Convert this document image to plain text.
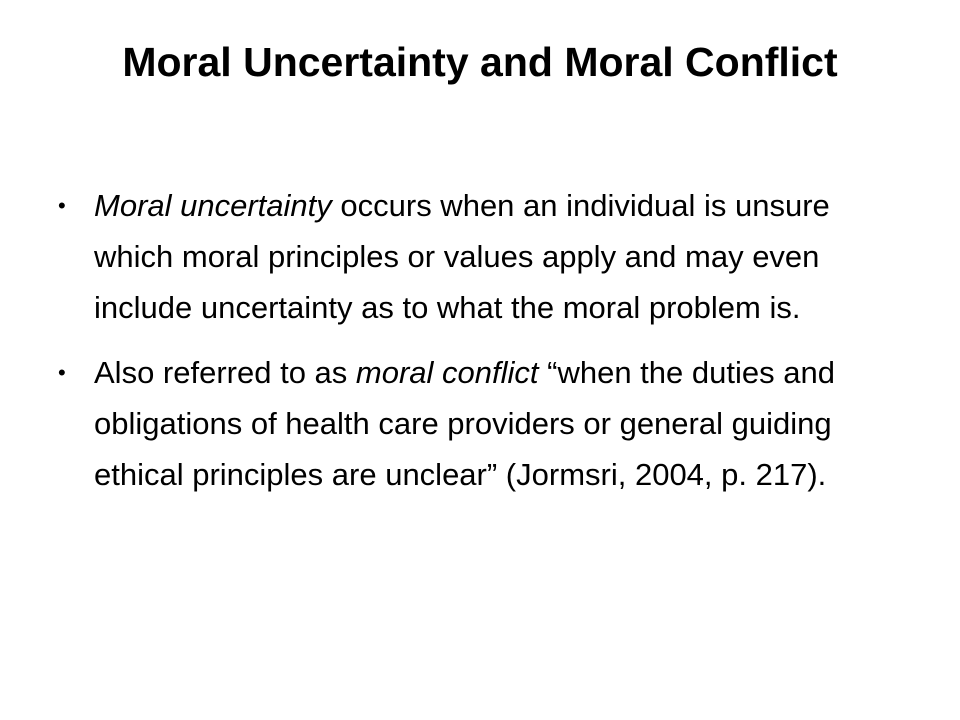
Moral Uncertainty and Moral Conflict
• Moral uncertainty occurs when an individual is unsure which moral principles or values apply and may even include uncertainty as to what the moral problem is.
• Also referred to as moral conflict “when the duties and obligations of health care providers or general guiding ethical principles are unclear” (Jormsri, 2004, p. 217).
